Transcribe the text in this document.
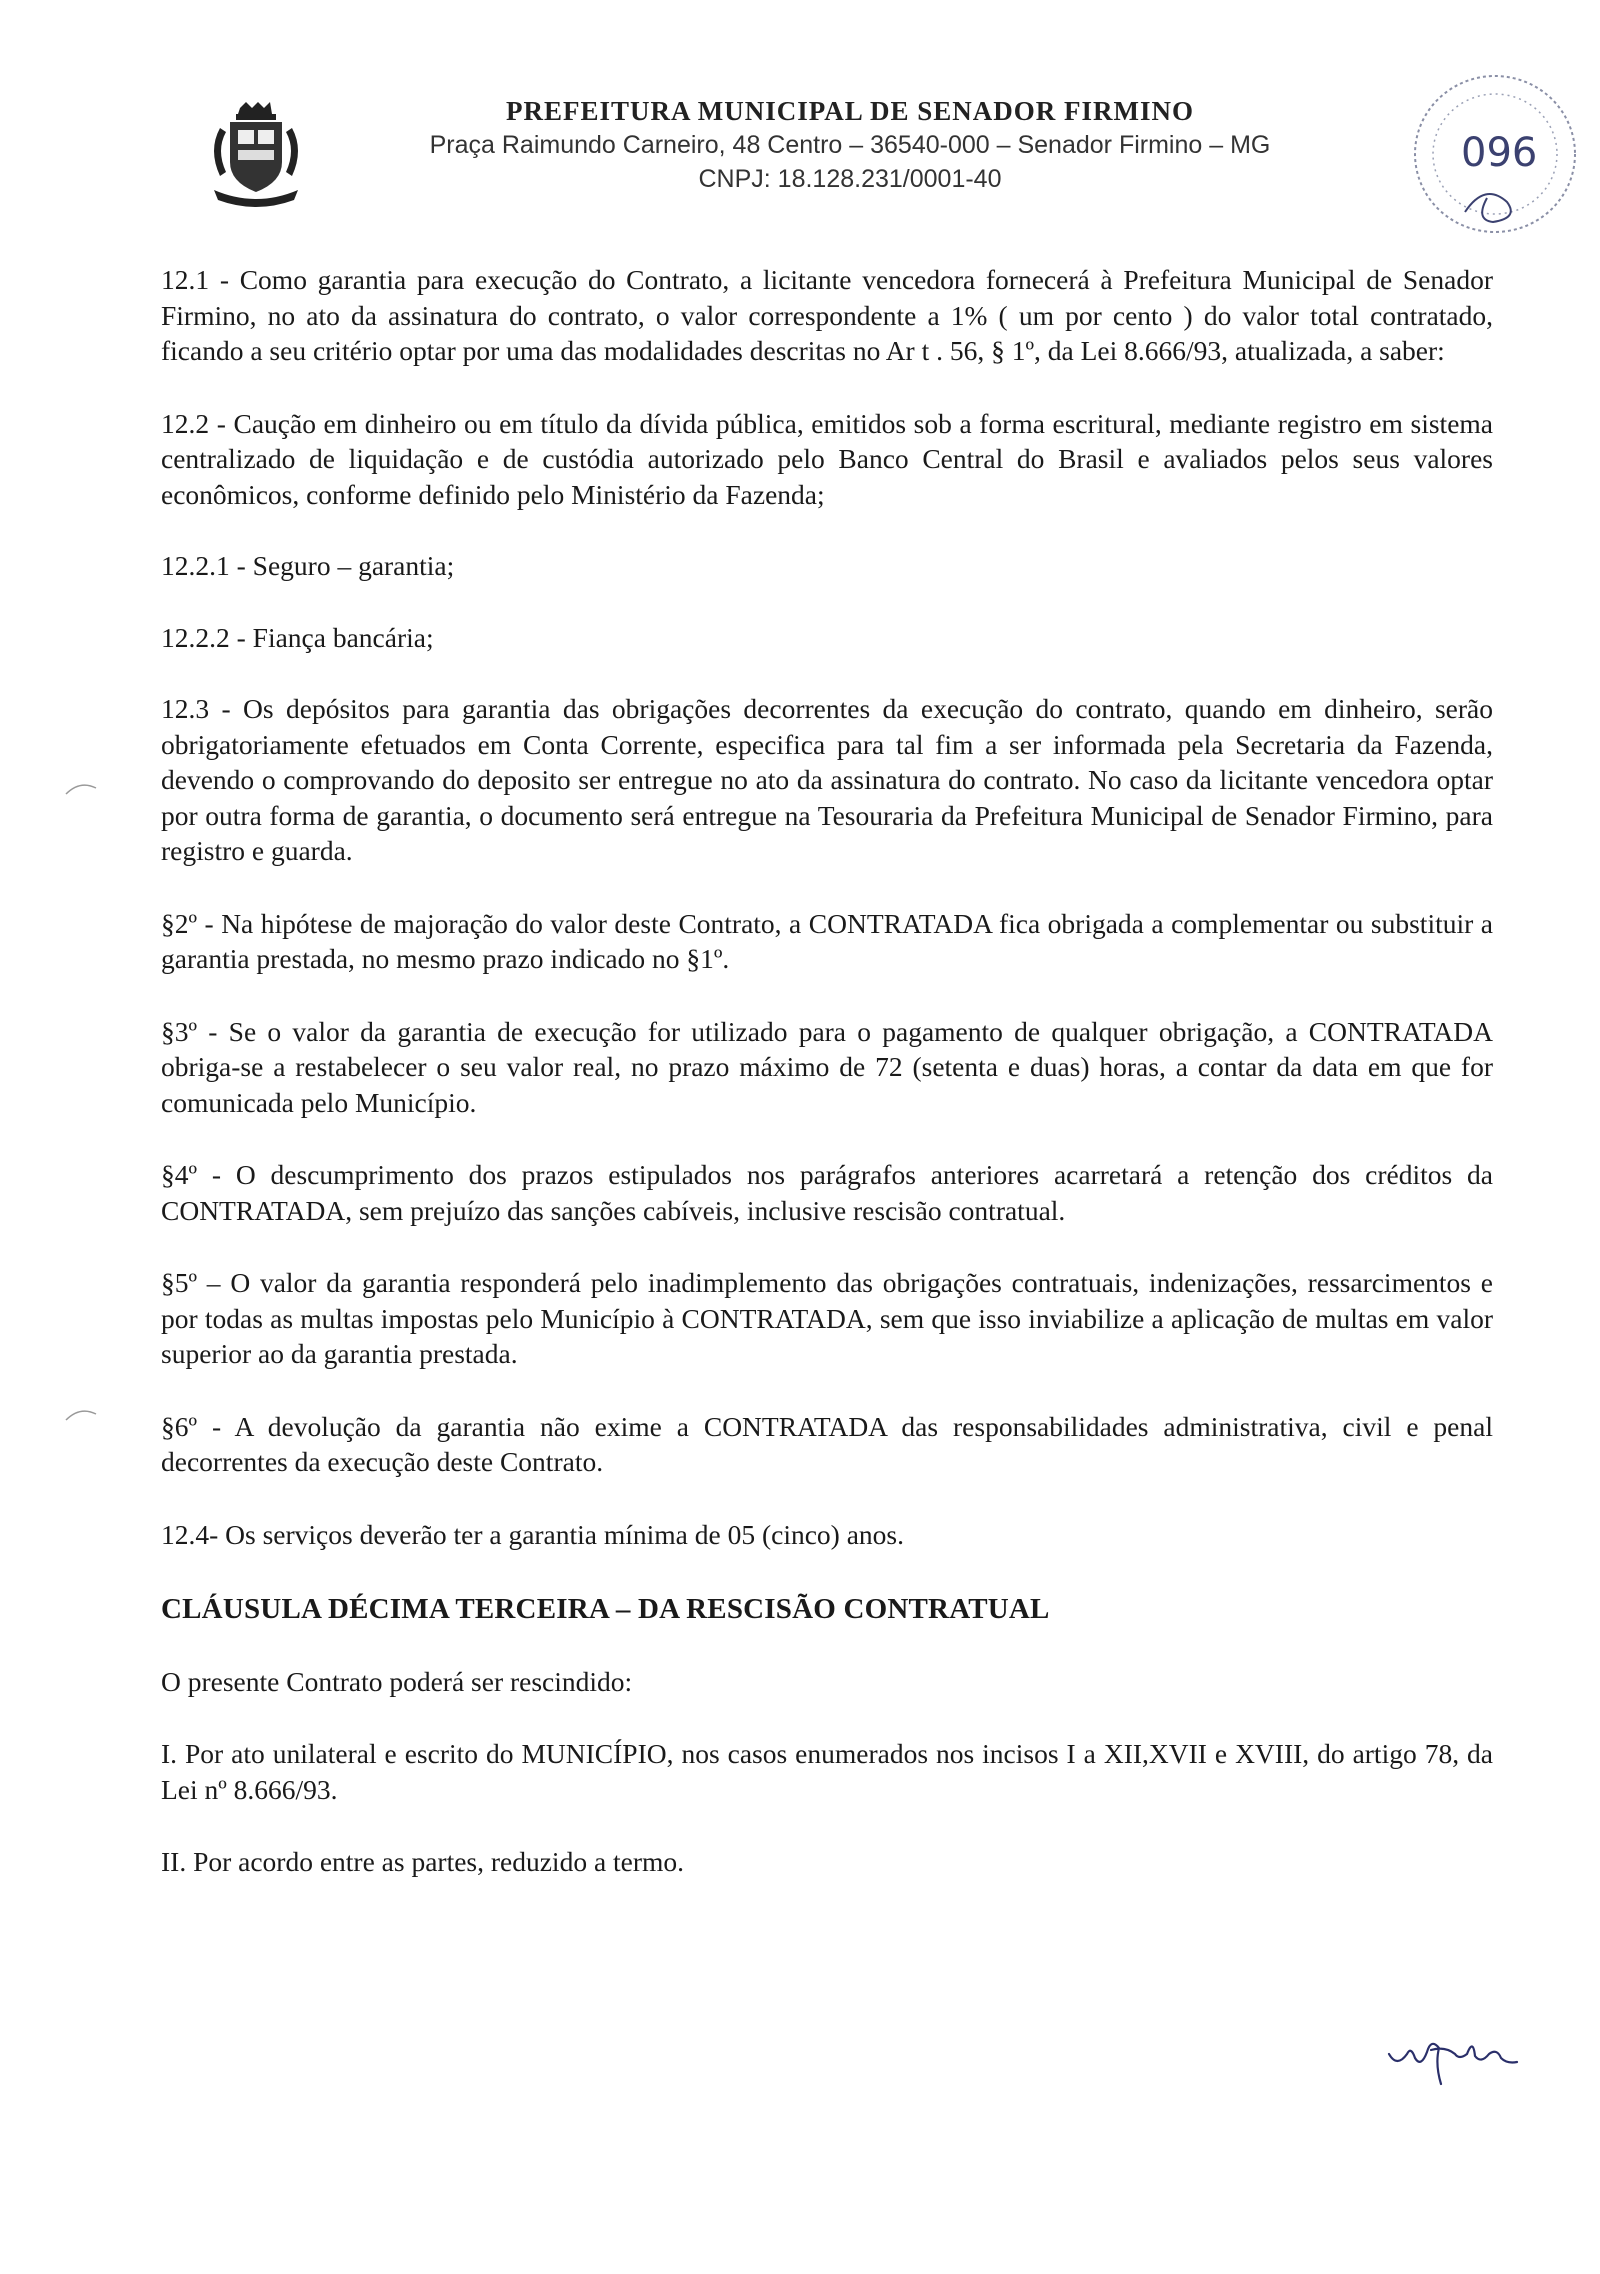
PREFEITURA MUNICIPAL DE SENADOR FIRMINO
Praça Raimundo Carneiro, 48 Centro – 36540-000 – Senador Firmino – MG
CNPJ: 18.128.231/0001-40
096

12.1 - Como garantia para execução do Contrato, a licitante vencedora fornecerá à Prefeitura Municipal de Senador Firmino, no ato da assinatura do contrato, o valor correspondente a 1% ( um por cento ) do valor total contratado, ficando a seu critério optar por uma das modalidades descritas no Ar t . 56, § 1º, da Lei 8.666/93, atualizada, a saber:

12.2 - Caução em dinheiro ou em título da dívida pública, emitidos sob a forma escritural, mediante registro em sistema centralizado de liquidação e de custódia autorizado pelo Banco Central do Brasil e avaliados pelos seus valores econômicos, conforme definido pelo Ministério da Fazenda;

12.2.1 - Seguro – garantia;

12.2.2 - Fiança bancária;

12.3 - Os depósitos para garantia das obrigações decorrentes da execução do contrato, quando em dinheiro, serão obrigatoriamente efetuados em Conta Corrente, especifica para tal fim a ser informada pela Secretaria da Fazenda, devendo o comprovando do deposito ser entregue no ato da assinatura do contrato. No caso da licitante vencedora optar por outra forma de garantia, o documento será entregue na Tesouraria da Prefeitura Municipal de Senador Firmino, para registro e guarda.

§2º - Na hipótese de majoração do valor deste Contrato, a CONTRATADA fica obrigada a complementar ou substituir a garantia prestada, no mesmo prazo indicado no §1º.

§3º - Se o valor da garantia de execução for utilizado para o pagamento de qualquer obrigação, a CONTRATADA obriga-se a restabelecer o seu valor real, no prazo máximo de 72 (setenta e duas) horas, a contar da data em que for comunicada pelo Município.

§4º - O descumprimento dos prazos estipulados nos parágrafos anteriores acarretará a retenção dos créditos da CONTRATADA, sem prejuízo das sanções cabíveis, inclusive rescisão contratual.

§5º – O valor da garantia responderá pelo inadimplemento das obrigações contratuais, indenizações, ressarcimentos e por todas as multas impostas pelo Município à CONTRATADA, sem que isso inviabilize a aplicação de multas em valor superior ao da garantia prestada.

§6º - A devolução da garantia não exime a CONTRATADA das responsabilidades administrativa, civil e penal decorrentes da execução deste Contrato.

12.4- Os serviços deverão ter a garantia mínima de 05 (cinco) anos.

CLÁUSULA DÉCIMA TERCEIRA – DA RESCISÃO CONTRATUAL

O presente Contrato poderá ser rescindido:

I. Por ato unilateral e escrito do MUNICÍPIO, nos casos enumerados nos incisos I a XII,XVII e XVIII, do artigo 78, da Lei nº 8.666/93.

II. Por acordo entre as partes, reduzido a termo.
